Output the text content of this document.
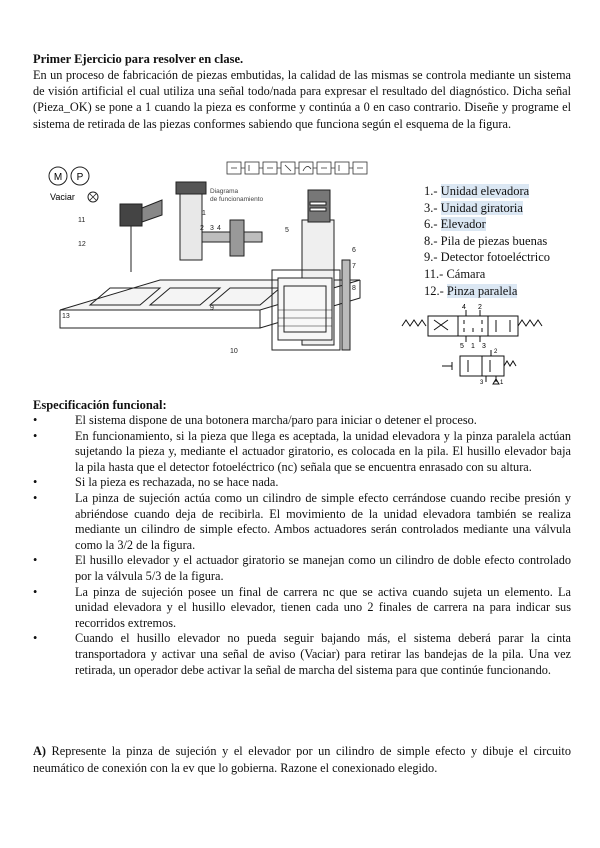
Primer Ejercicio para resolver en clase.
En un proceso de fabricación de piezas embutidas, la calidad de las mismas se controla mediante un sistema de visión artificial el cual utiliza una señal todo/nada para expresar el resultado del diagnóstico. Dicha señal (Pieza_OK) se pone a 1 cuando la pieza es conforme y continúa a 0 en caso contrario. Diseñe y programe el sistema de retirada de las piezas conformes sabiendo que funciona según el esquema de la figura.
M P
Vaciar
Diagrama
de funcionamiento
1
2 3 4	5
6
7
8
9
10
11
12
13
1.- Unidad elevadora
3.- Unidad giratoria
6.- Elevador
8.- Pila de piezas buenas
9.- Detector fotoeléctrico
11.- Cámara
12.- Pinza paralela
4 2
5 1 3
2
3	1
Especificación funcional:
•	El sistema dispone de una botonera marcha/paro para iniciar o detener el proceso.
•	En funcionamiento, si la pieza que llega es aceptada, la unidad elevadora y la pinza paralela actúan sujetando la pieza y, mediante el actuador giratorio, es colocada en la pila. El husillo elevador baja la pila hasta que el detector fotoeléctrico (nc) señala que se encuentra enrasado con su altura.
•	Si la pieza es rechazada, no se hace nada.
•	La pinza de sujeción actúa como un cilindro de simple efecto cerrándose cuando recibe presión y abriéndose cuando deja de recibirla. El movimiento de la unidad elevadora también se realiza mediante un cilindro de simple efecto. Ambos actuadores serán controlados mediante una válvula como la 3/2 de la figura.
•	El husillo elevador y el actuador giratorio se manejan como un cilindro de doble efecto controlado por la válvula 5/3 de la figura.
•	La pinza de sujeción posee un final de carrera nc que se activa cuando sujeta un elemento. La unidad elevadora y el husillo elevador, tienen cada uno 2 finales de carrera na para indicar sus recorridos extremos.
•	Cuando el husillo elevador no pueda seguir bajando más, el sistema deberá parar la cinta transportadora y activar una señal de aviso (Vaciar) para retirar las bandejas de la pila. Una vez retirada, un operador debe activar la señal de marcha del sistema para que continúe funcionando.
A) Represente la pinza de sujeción y el elevador por un cilindro de simple efecto y dibuje el circuito neumático de conexión con la ev que lo gobierna. Razone el conexionado elegido.
